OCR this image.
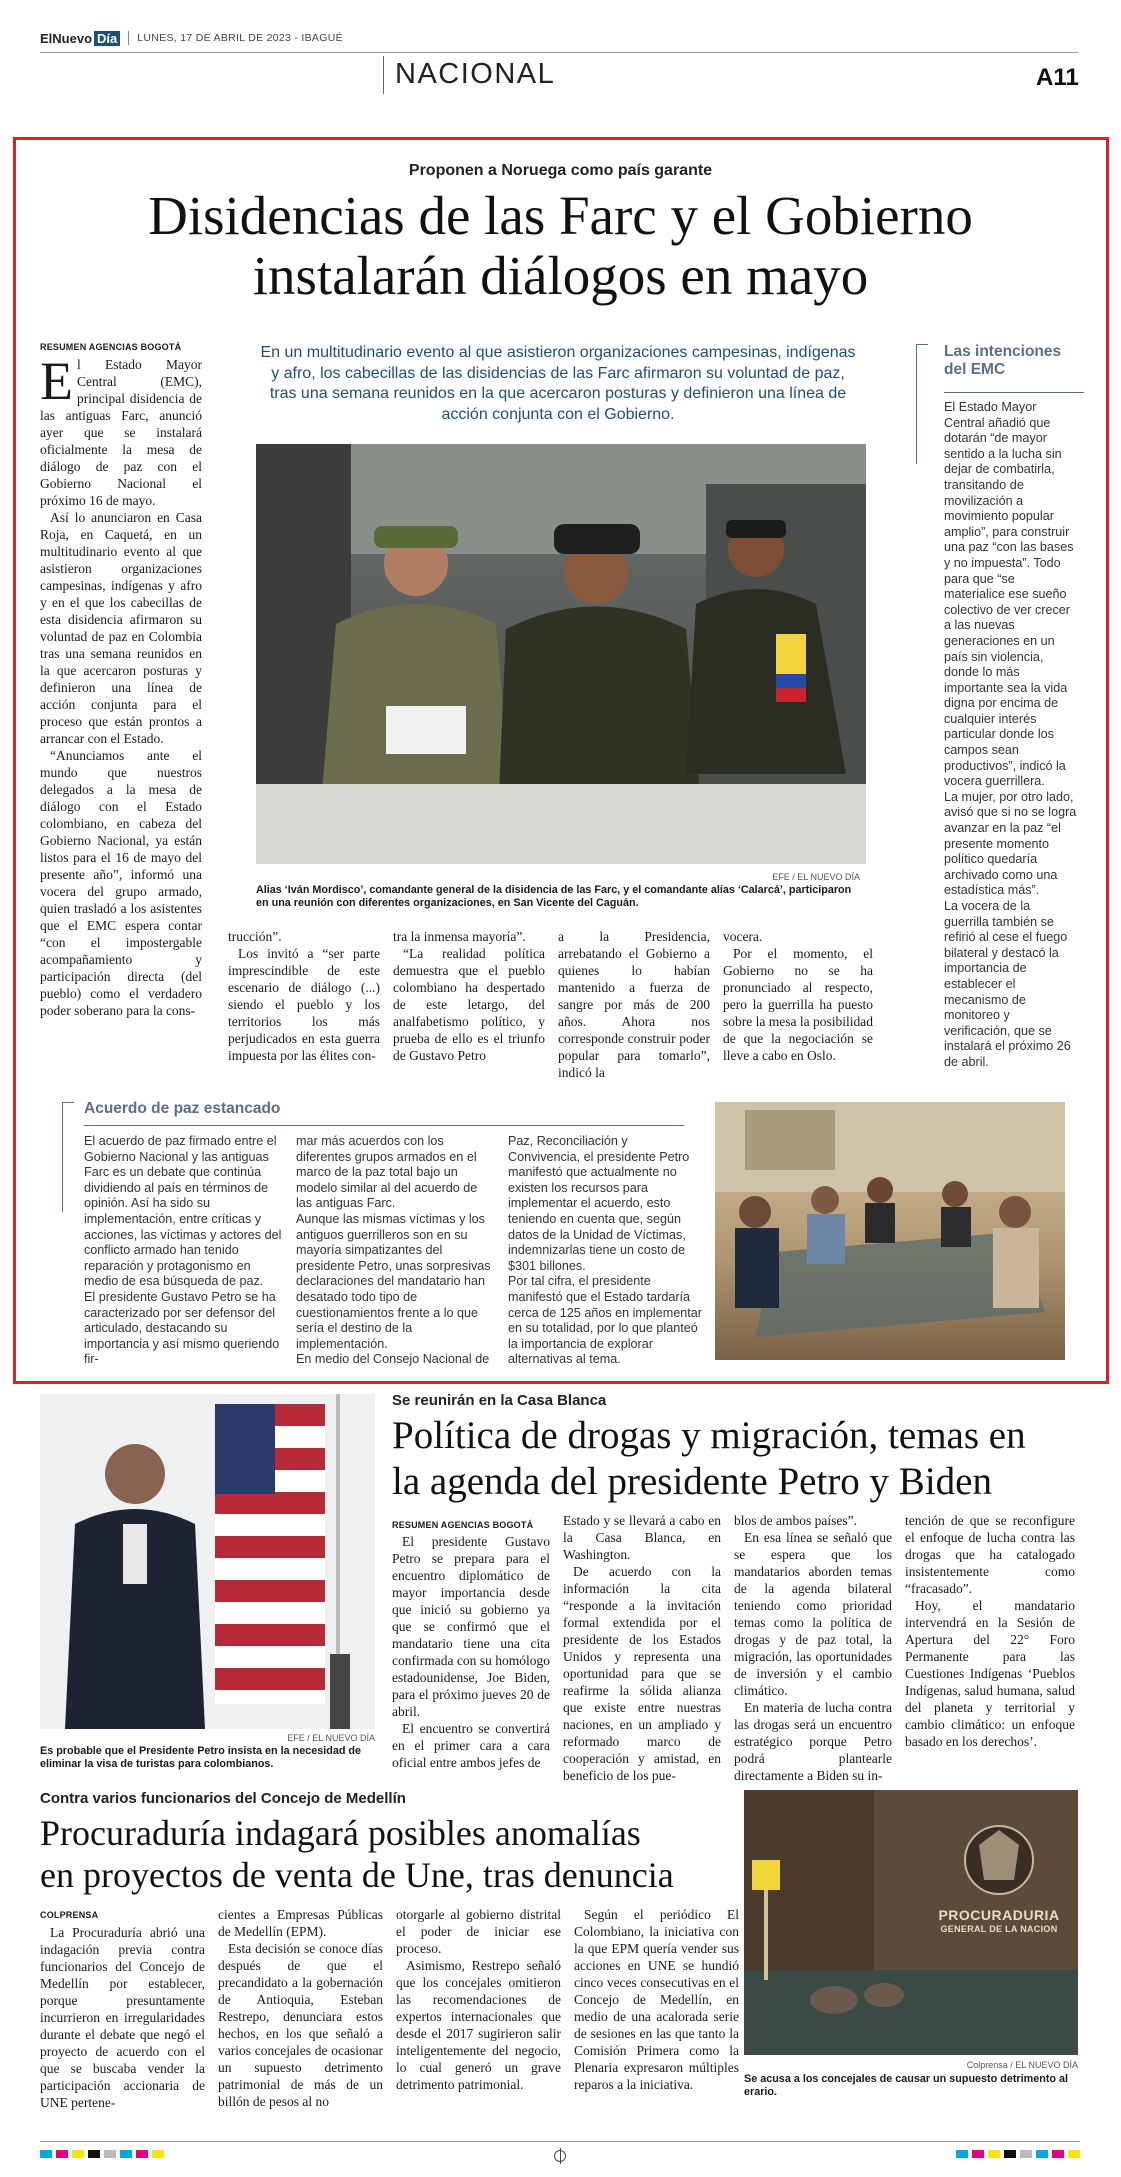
ElNuevo Día LUNES, 17 DE ABRIL DE 2023 - IBAGUÉ
NACIONAL	A11
Proponen a Noruega como país garante
Disidencias de las Farc y el Gobierno
instalarán diálogos en mayo
RESUMEN AGENCIAS BOGOTÁ
E l Estado Mayor Central (EMC), principal disidencia de las antiguas Farc, anunció ayer que se instalará oficialmente la mesa de diálogo de paz con el Gobierno Nacional el próximo 16 de mayo.

Así lo anunciaron en Casa Roja, en Caquetá, en un multitudinario evento al que asistieron organizaciones campesinas, indígenas y afro y en el que los cabecillas de esta disidencia afirmaron su voluntad de paz en Colombia tras una semana reunidos en la que acercaron posturas y definieron una línea de acción conjunta para el proceso que están prontos a arrancar con el Estado.

“Anunciamos ante el mundo que nuestros delegados a la mesa de diálogo con el Estado colombiano, en cabeza del Gobierno Nacional, ya están listos para el 16 de mayo del presente año”, informó una vocera del grupo armado, quien trasladó a los asistentes que el EMC espera contar “con el impostergable acompañamiento y participación directa (del pueblo) como el verdadero poder soberano para la cons-

En un multitudinario evento al que asistieron organizaciones campesinas, indígenas y afro, los cabecillas de las disidencias de las Farc afirmaron su voluntad de paz, tras una semana reunidos en la que acercaron posturas y definieron una línea de acción conjunta con el Gobierno.
EFE / EL NUEVO DÍA
Alias ‘Iván Mordisco’, comandante general de la disidencia de las Farc, y el comandante alias ‘Calarcá’, participaron en una reunión con diferentes organizaciones, en San Vicente del Caguán.

trucción”.

Los invitó a “ser parte imprescindible de este escenario de diálogo (...) siendo el pueblo y los territorios los más perjudicados en esta guerra impuesta por las élites con-

tra la inmensa mayoría”.

“La realidad política demuestra que el pueblo colombiano ha despertado de este letargo, del analfabetismo político, y prueba de ello es el triunfo de Gustavo Petro

a la Presidencia, arrebatando el Gobierno a quienes lo habían mantenido a fuerza de sangre por más de 200 años. Ahora nos corresponde construir poder popular para tomarlo”, indicó la

vocera.

Por el momento, el Gobierno no se ha pronunciado al respecto, pero la guerrilla ha puesto sobre la mesa la posibilidad de que la negociación se lleve a cabo en Oslo.

Las intenciones
del EMC

El Estado Mayor Central añadió que dotarán “de mayor sentido a la lucha sin dejar de combatirla, transitando de movilización a movimiento popular amplio”, para construir una paz “con las bases y no impuesta”. Todo para que “se materialice ese sueño colectivo de ver crecer a las nuevas generaciones en un país sin violencia, donde lo más importante sea la vida digna por encima de cualquier interés particular donde los campos sean productivos”, indicó la vocera guerrillera.

La mujer, por otro lado, avisó que si no se logra avanzar en la paz “el presente momento político quedaría archivado como una estadística más”.

La vocera de la guerrilla también se refirió al cese el fuego bilateral y destacó la importancia de establecer el mecanismo de monitoreo y verificación, que se instalará el próximo 26 de abril.

Acuerdo de paz estancado

El acuerdo de paz firmado entre el Gobierno Nacional y las antiguas Farc es un debate que continúa dividiendo al país en términos de opinión. Así ha sido su implementación, entre críticas y acciones, las víctimas y actores del conflicto armado han tenido reparación y protagonismo en medio de esa búsqueda de paz.

El presidente Gustavo Petro se ha caracterizado por ser defensor del articulado, destacando su importancia y así mismo queriendo fir-

mar más acuerdos con los diferentes grupos armados en el marco de la paz total bajo un modelo similar al del acuerdo de las antiguas Farc.

Aunque las mismas víctimas y los antiguos guerrilleros son en su mayoría simpatizantes del presidente Petro, unas sorpresivas declaraciones del mandatario han desatado todo tipo de cuestionamientos frente a lo que sería el destino de la implementación.

En medio del Consejo Nacional de

Paz, Reconciliación y Convivencia, el presidente Petro manifestó que actualmente no existen los recursos para implementar el acuerdo, esto teniendo en cuenta que, según datos de la Unidad de Víctimas, indemnizarlas tiene un costo de $301 billones.

Por tal cifra, el presidente manifestó que el Estado tardaría cerca de 125 años en implementar en su totalidad, por lo que planteó la importancia de explorar alternativas al tema.

EFE / EL NUEVO DÍA
Es probable que el Presidente Petro insista en la necesidad de eliminar la visa de turistas para colombianos.
Se reunirán en la Casa Blanca
Política de drogas y migración, temas en
la agenda del presidente Petro y Biden
RESUMEN AGENCIAS BOGOTÁ

El presidente Gustavo Petro se prepara para el encuentro diplomático de mayor importancia desde que inició su gobierno ya que se confirmó que el mandatario tiene una cita confirmada con su homólogo estadounidense, Joe Biden, para el próximo jueves 20 de abril.

El encuentro se convertirá en el primer cara a cara oficial entre ambos jefes de

Estado y se llevará a cabo en la Casa Blanca, en Washington.

De acuerdo con la información la cita “responde a la invitación formal extendida por el presidente de los Estados Unidos y representa una oportunidad para que se reafirme la sólida alianza que existe entre nuestras naciones, en un ampliado y reformado marco de cooperación y amistad, en beneficio de los pue-

blos de ambos países”.

En esa línea se señaló que se espera que los mandatarios aborden temas de la agenda bilateral teniendo como prioridad temas como la política de drogas y de paz total, la migración, las oportunidades de inversión y el cambio climático.

En materia de lucha contra las drogas será un encuentro estratégico porque Petro podrá plantearle directamente a Biden su in-

tención de que se reconfigure el enfoque de lucha contra las drogas que ha catalogado insistentemente como “fracasado”.

Hoy, el mandatario intervendrá en la Sesión de Apertura del 22° Foro Permanente para las Cuestiones Indígenas ‘Pueblos Indígenas, salud humana, salud del planeta y territorial y cambio climático: un enfoque basado en los derechos’.

Contra varios funcionarios del Concejo de Medellín
Procuraduría indagará posibles anomalías
en proyectos de venta de Une, tras denuncia
COLPRENSA

La Procuraduría abrió una indagación previa contra funcionarios del Concejo de Medellín por establecer, porque presuntamente incurrieron en irregularidades durante el debate que negó el proyecto de acuerdo con el que se buscaba vender la participación accionaria de UNE pertene-

cientes a Empresas Públicas de Medellín (EPM).

Esta decisión se conoce días después de que el precandidato a la gobernación de Antioquia, Esteban Restrepo, denunciara estos hechos, en los que señaló a varios concejales de ocasionar un supuesto detrimento patrimonial de más de un billón de pesos al no

otorgarle al gobierno distrital el poder de iniciar ese proceso.

Asimismo, Restrepo señaló que los concejales omitieron las recomendaciones de expertos internacionales que desde el 2017 sugirieron salir inteligentemente del negocio, lo cual generó un grave detrimento patrimonial.

Según el periódico El Colombiano, la iniciativa con la que EPM quería vender sus acciones en UNE se hundió cinco veces consecutivas en el Concejo de Medellín, en medio de una acalorada serie de sesiones en las que tanto la Comisión Primera como la Plenaria expresaron múltiples reparos a la iniciativa.

PROCURADURIA
GENERAL DE LA NACION
Colprensa / EL NUEVO DÍA
Se acusa a los concejales de causar un supuesto detrimento al erario.
